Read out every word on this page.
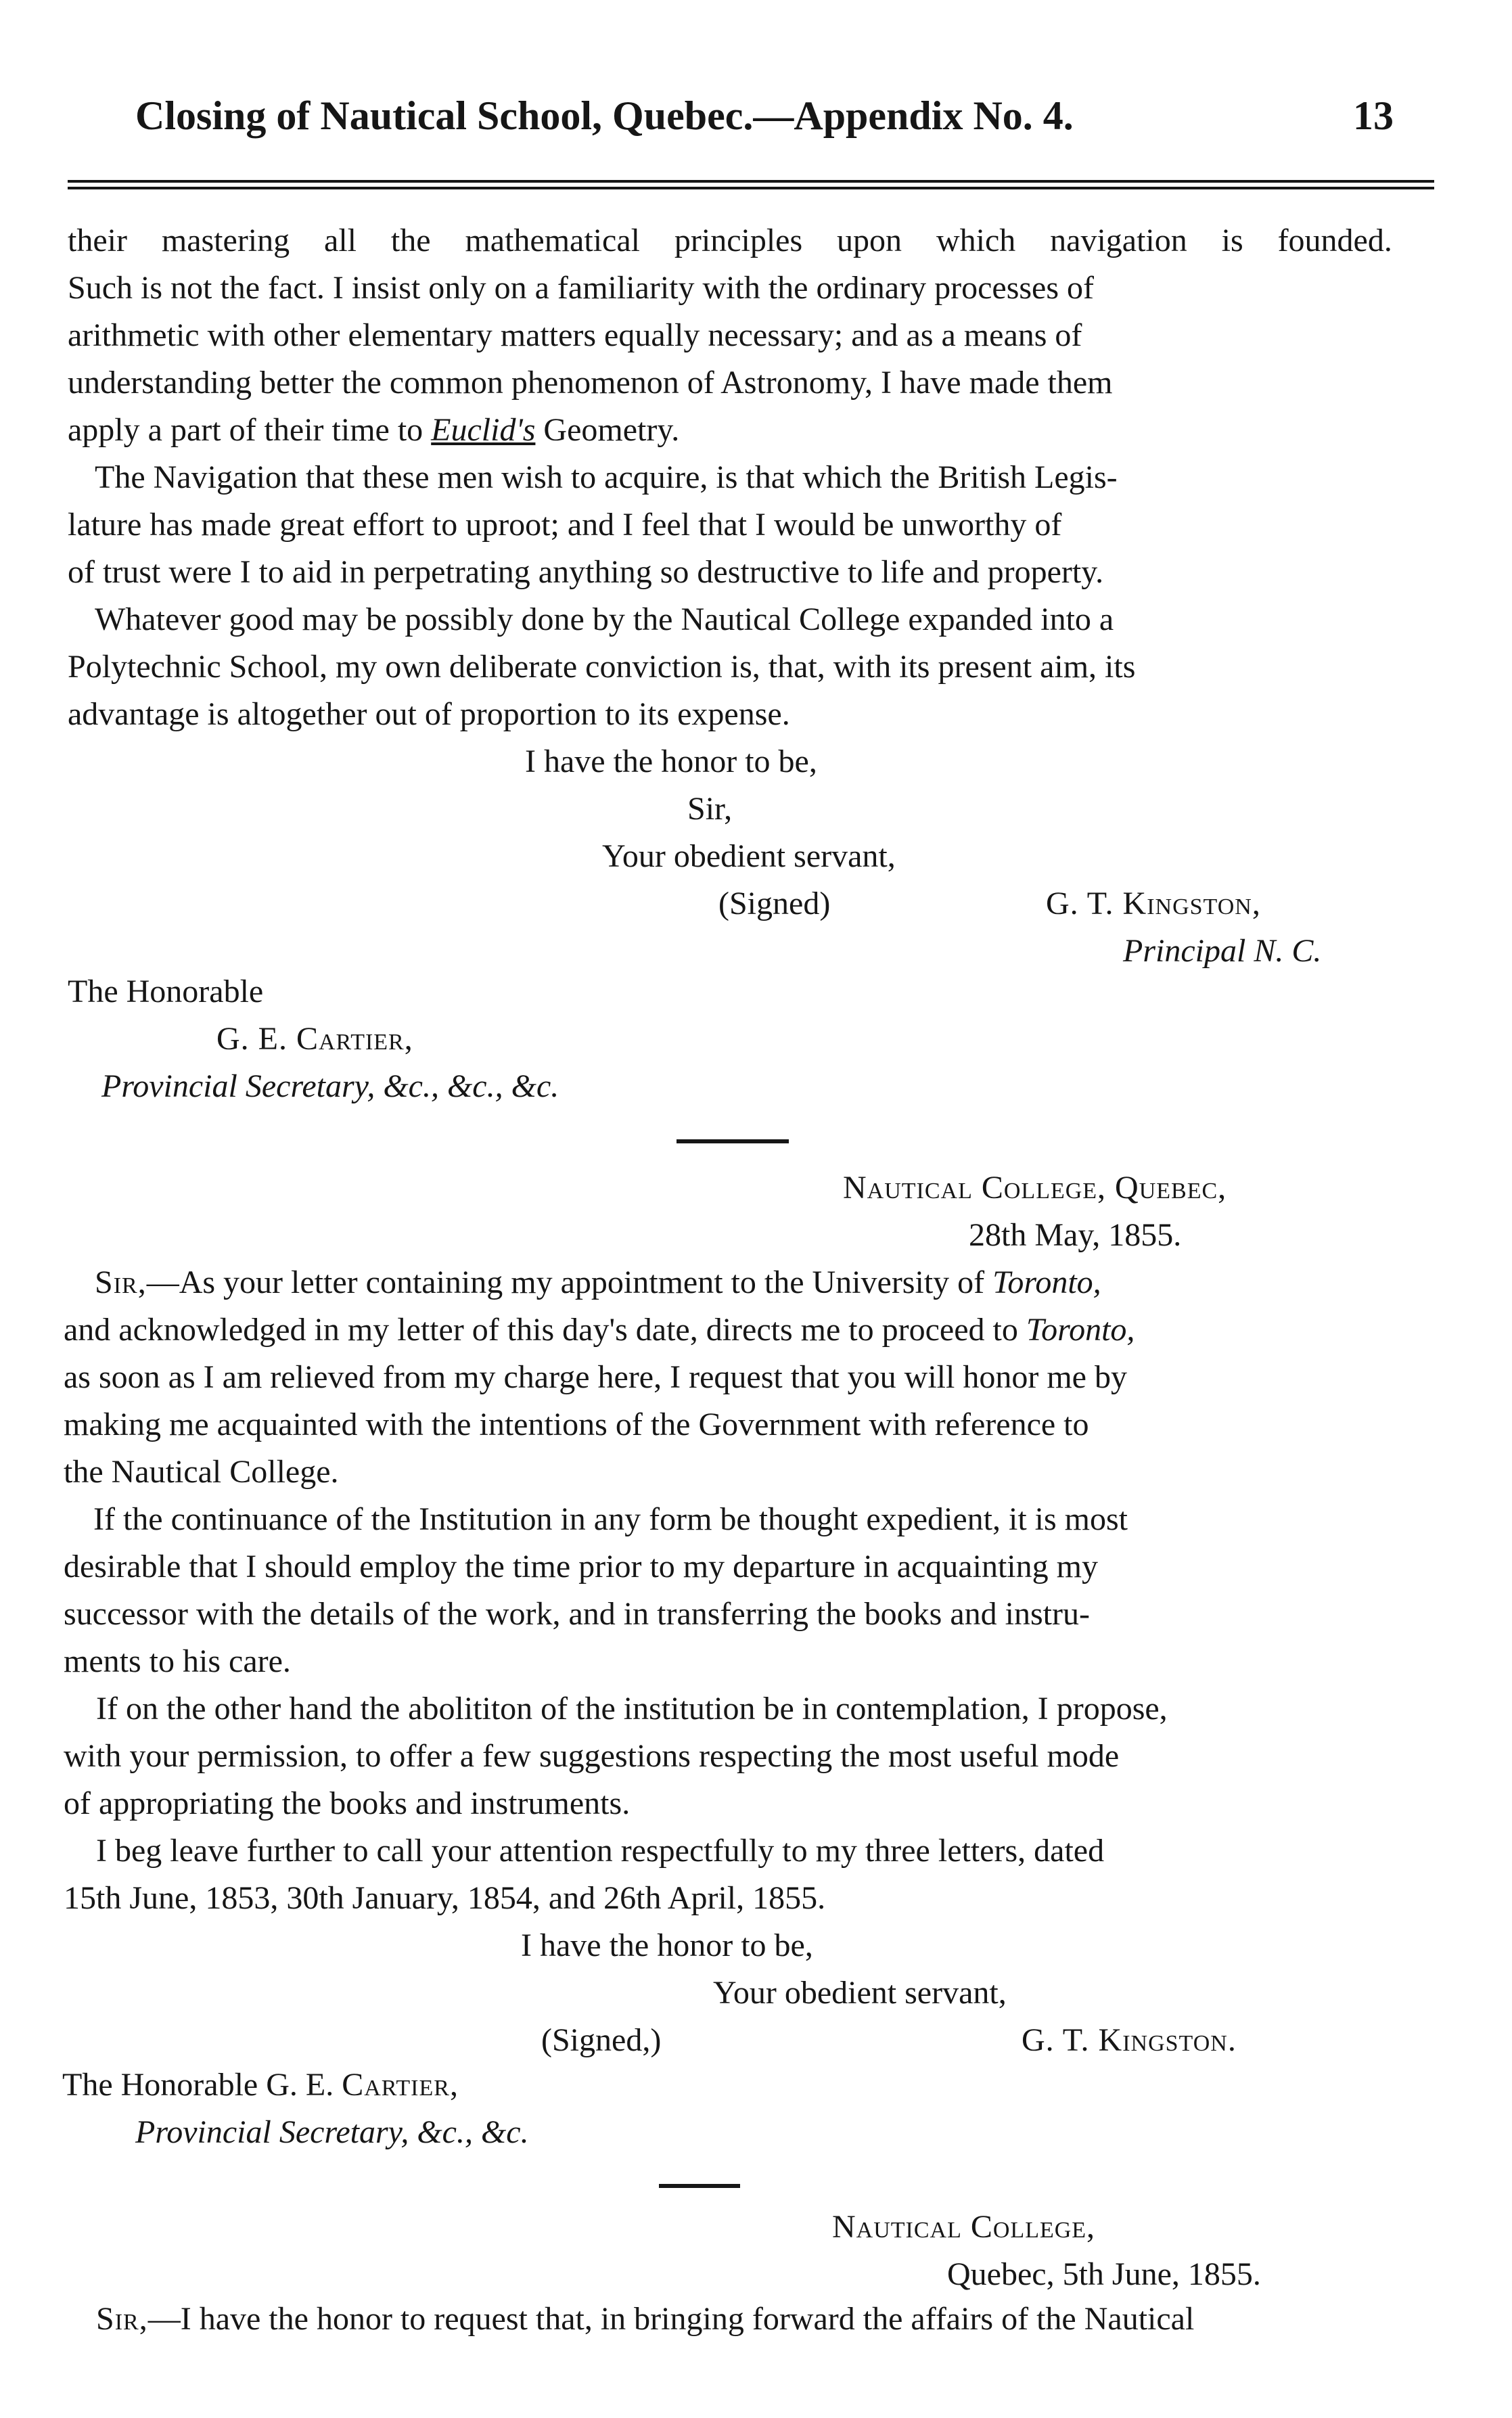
Closing of Nautical School, Quebec.—Appendix No. 4.	13
their mastering all the mathematical principles upon which navigation is founded.
Such is not the fact. I insist only on a familiarity with the ordinary processes of
arithmetic with other elementary matters equally necessary; and as a means of
understanding better the common phenomenon of Astronomy, I have made them
apply a part of their time to Euclid's Geometry.
The Navigation that these men wish to acquire, is that which the British Legis-
lature has made great effort to uproot; and I feel that I would be unworthy of
of trust were I to aid in perpetrating anything so destructive to life and property.
Whatever good may be possibly done by the Nautical College expanded into a
Polytechnic School, my own deliberate conviction is, that, with its present aim, its
advantage is altogether out of proportion to its expense.
I have the honor to be,
Sir,
Your obedient servant,
(Signed)	G. T. Kingston,
Principal N. C.
The Honorable
G. E. Cartier,
Provincial Secretary, &c., &c., &c.
Nautical College, Quebec,
28th May, 1855.
Sir,—As your letter containing my appointment to the University of Toronto,
and acknowledged in my letter of this day's date, directs me to proceed to Toronto,
as soon as I am relieved from my charge here, I request that you will honor me by
making me acquainted with the intentions of the Government with reference to
the Nautical College.
If the continuance of the Institution in any form be thought expedient, it is most
desirable that I should employ the time prior to my departure in acquainting my
successor with the details of the work, and in transferring the books and instru-
ments to his care.
If on the other hand the abolititon of the institution be in contemplation, I propose,
with your permission, to offer a few suggestions respecting the most useful mode
of appropriating the books and instruments.
I beg leave further to call your attention respectfully to my three letters, dated
15th June, 1853, 30th January, 1854, and 26th April, 1855.
I have the honor to be,
Your obedient servant,
(Signed,)	G. T. Kingston.
The Honorable G. E. Cartier,
Provincial Secretary, &c., &c.
Nautical College,
Quebec, 5th June, 1855.
Sir,—I have the honor to request that, in bringing forward the affairs of the Nautical
